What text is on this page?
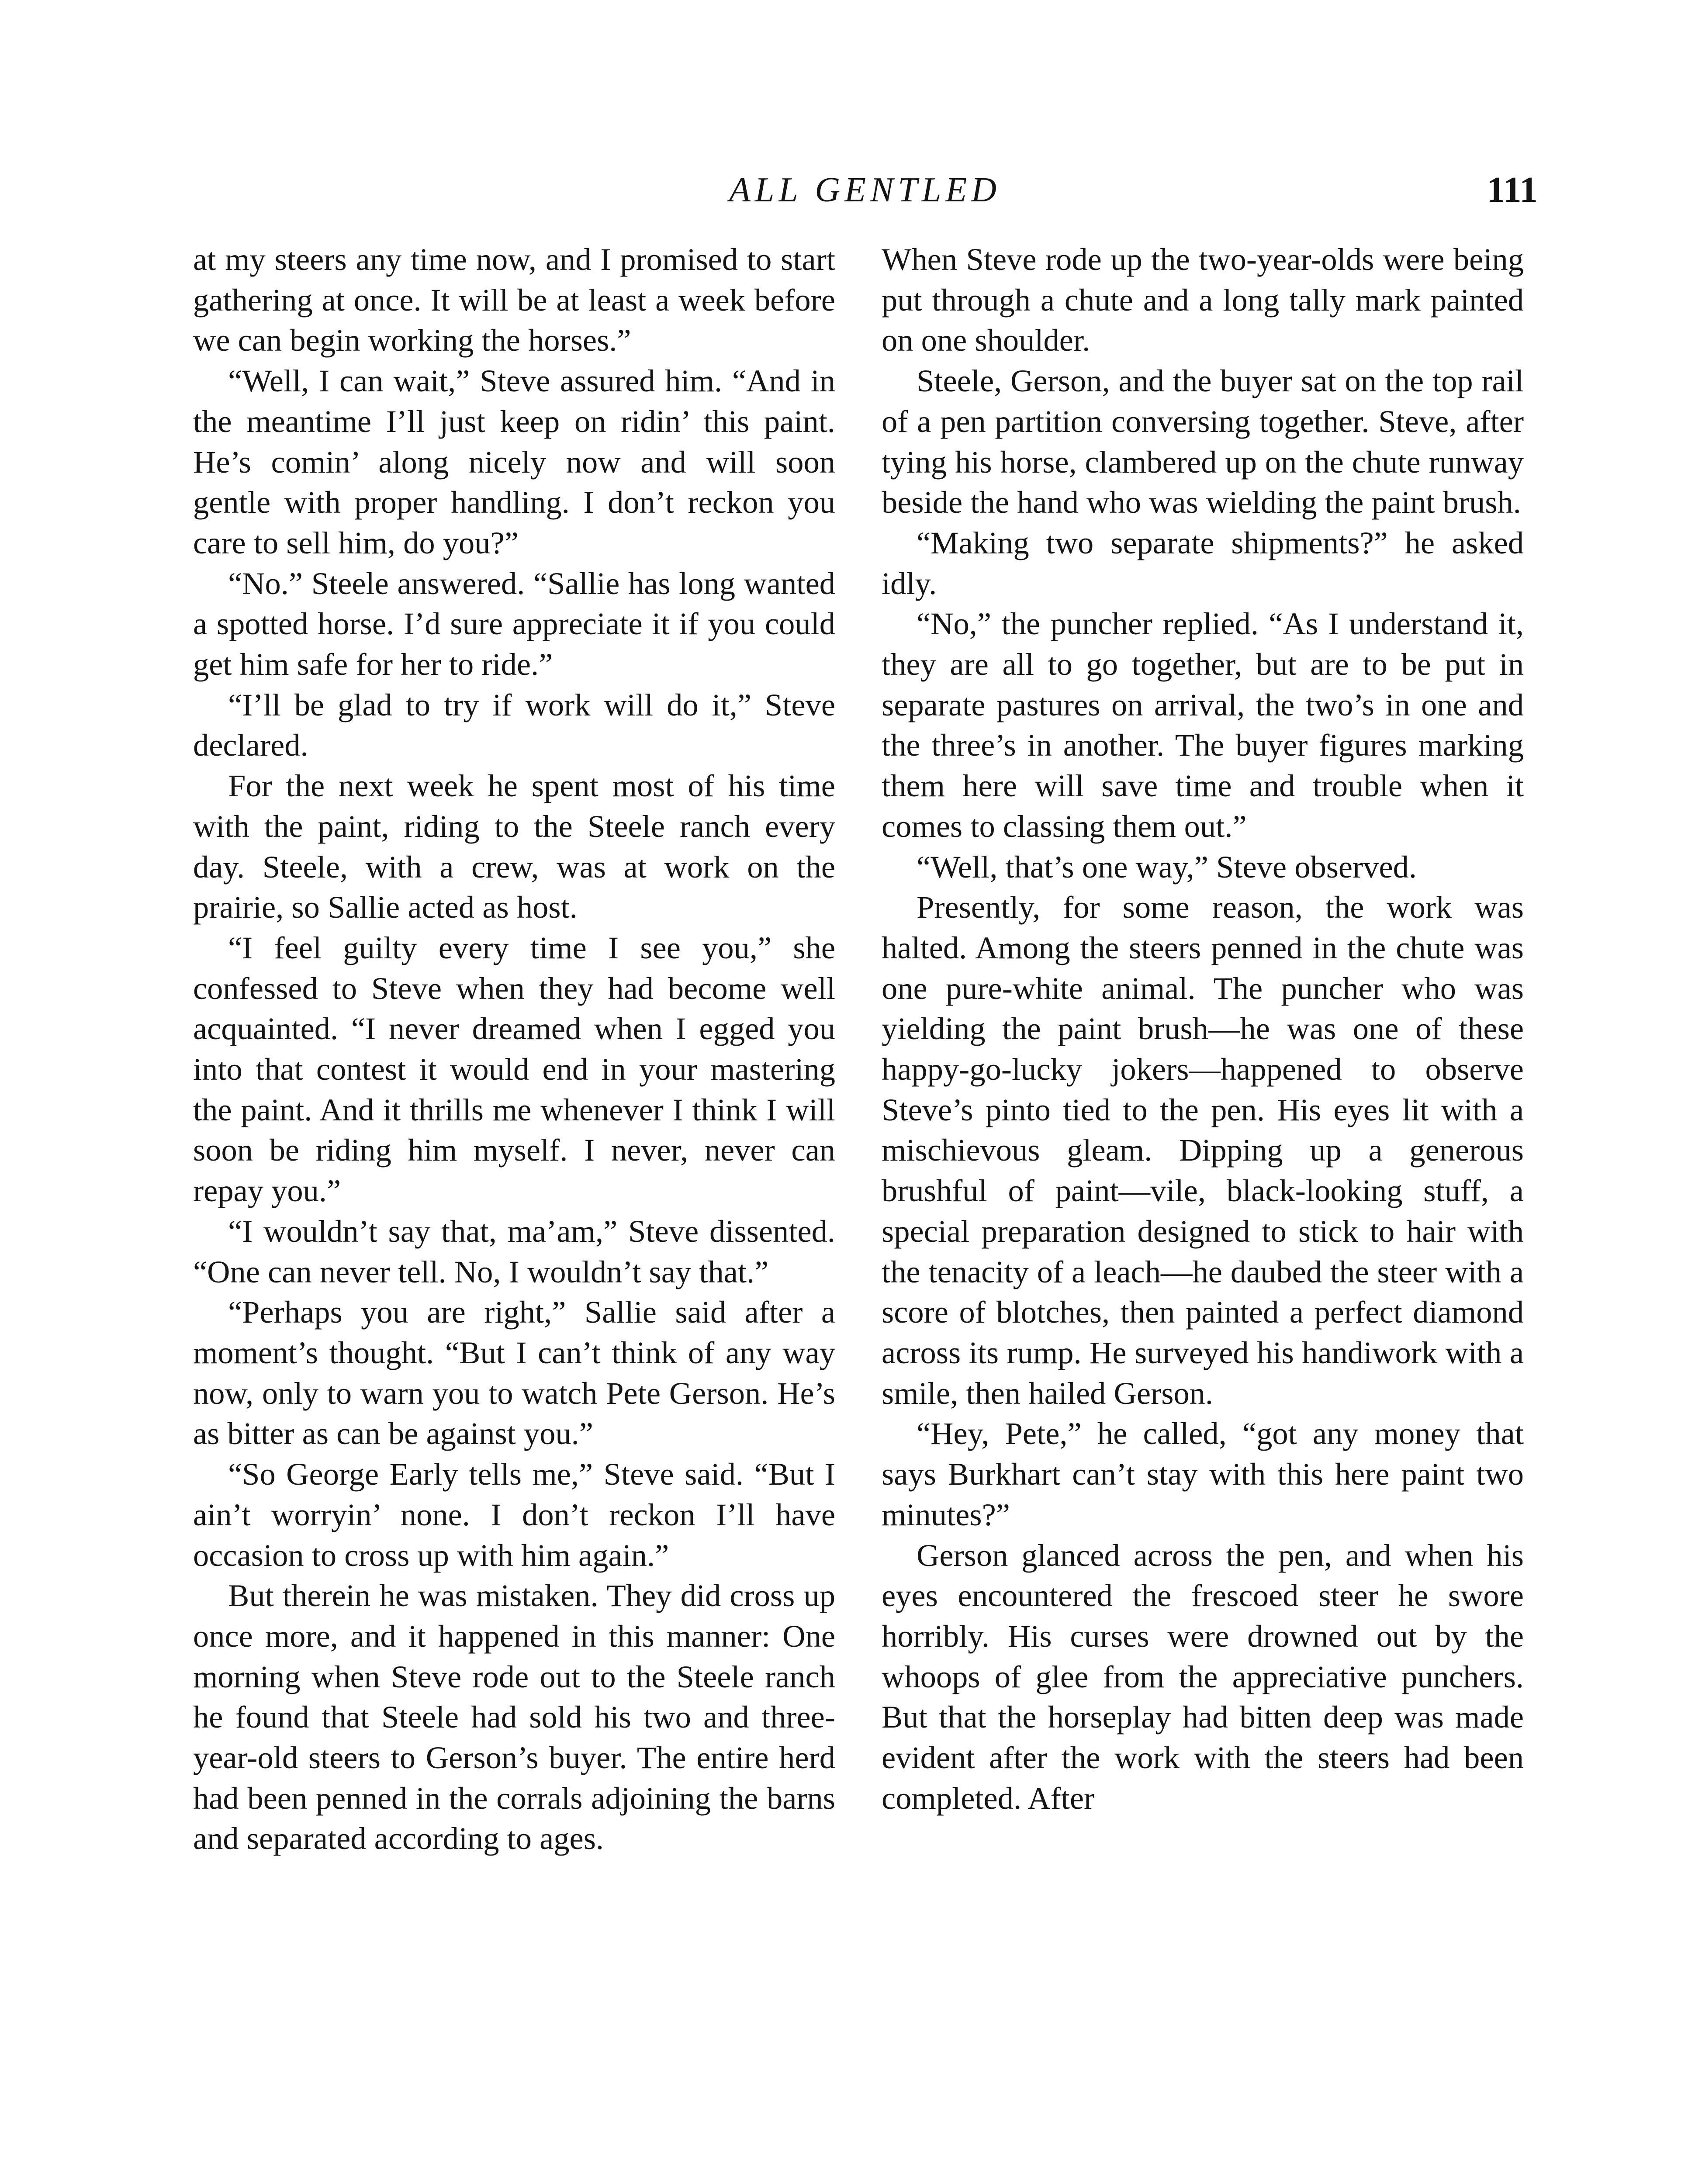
ALL GENTLED	111

at my steers any time now, and I promised to start gathering at once. It will be at least a week before we can begin working the horses.”

“Well, I can wait,” Steve assured him. “And in the meantime I’ll just keep on ridin’ this paint. He’s comin’ along nicely now and will soon gentle with proper handling. I don’t reckon you care to sell him, do you?”

“No.” Steele answered. “Sallie has long wanted a spotted horse. I’d sure appreciate it if you could get him safe for her to ride.”

“I’ll be glad to try if work will do it,” Steve declared.

For the next week he spent most of his time with the paint, riding to the Steele ranch every day. Steele, with a crew, was at work on the prairie, so Sallie acted as host.

“I feel guilty every time I see you,” she confessed to Steve when they had become well acquainted. “I never dreamed when I egged you into that contest it would end in your mastering the paint. And it thrills me whenever I think I will soon be riding him myself. I never, never can repay you.”

“I wouldn’t say that, ma’am,” Steve dissented. “One can never tell. No, I wouldn’t say that.”

“Perhaps you are right,” Sallie said after a moment’s thought. “But I can’t think of any way now, only to warn you to watch Pete Gerson. He’s as bitter as can be against you.”

“So George Early tells me,” Steve said. “But I ain’t worryin’ none. I don’t reckon I’ll have occasion to cross up with him again.”

But therein he was mistaken. They did cross up once more, and it happened in this manner: One morning when Steve rode out to the Steele ranch he found that Steele had sold his two and three-year-old steers to Gerson’s buyer. The entire herd had been penned in the corrals adjoining the barns and separated according to ages.

When Steve rode up the two-year-olds were being put through a chute and a long tally mark painted on one shoulder.

Steele, Gerson, and the buyer sat on the top rail of a pen partition conversing together. Steve, after tying his horse, clambered up on the chute runway beside the hand who was wielding the paint brush.

“Making two separate shipments?” he asked idly.

“No,” the puncher replied. “As I understand it, they are all to go together, but are to be put in separate pastures on arrival, the two’s in one and the three’s in another. The buyer figures marking them here will save time and trouble when it comes to classing them out.”

“Well, that’s one way,” Steve observed.

Presently, for some reason, the work was halted. Among the steers penned in the chute was one pure-white animal. The puncher who was yielding the paint brush—he was one of these happy-go-lucky jokers—happened to observe Steve’s pinto tied to the pen. His eyes lit with a mischievous gleam. Dipping up a generous brushful of paint—vile, black-looking stuff, a special preparation designed to stick to hair with the tenacity of a leach—he daubed the steer with a score of blotches, then painted a perfect diamond across its rump. He surveyed his handiwork with a smile, then hailed Gerson.

“Hey, Pete,” he called, “got any money that says Burkhart can’t stay with this here paint two minutes?”

Gerson glanced across the pen, and when his eyes encountered the frescoed steer he swore horribly. His curses were drowned out by the whoops of glee from the appreciative punchers. But that the horseplay had bitten deep was made evident after the work with the steers had been completed. After
